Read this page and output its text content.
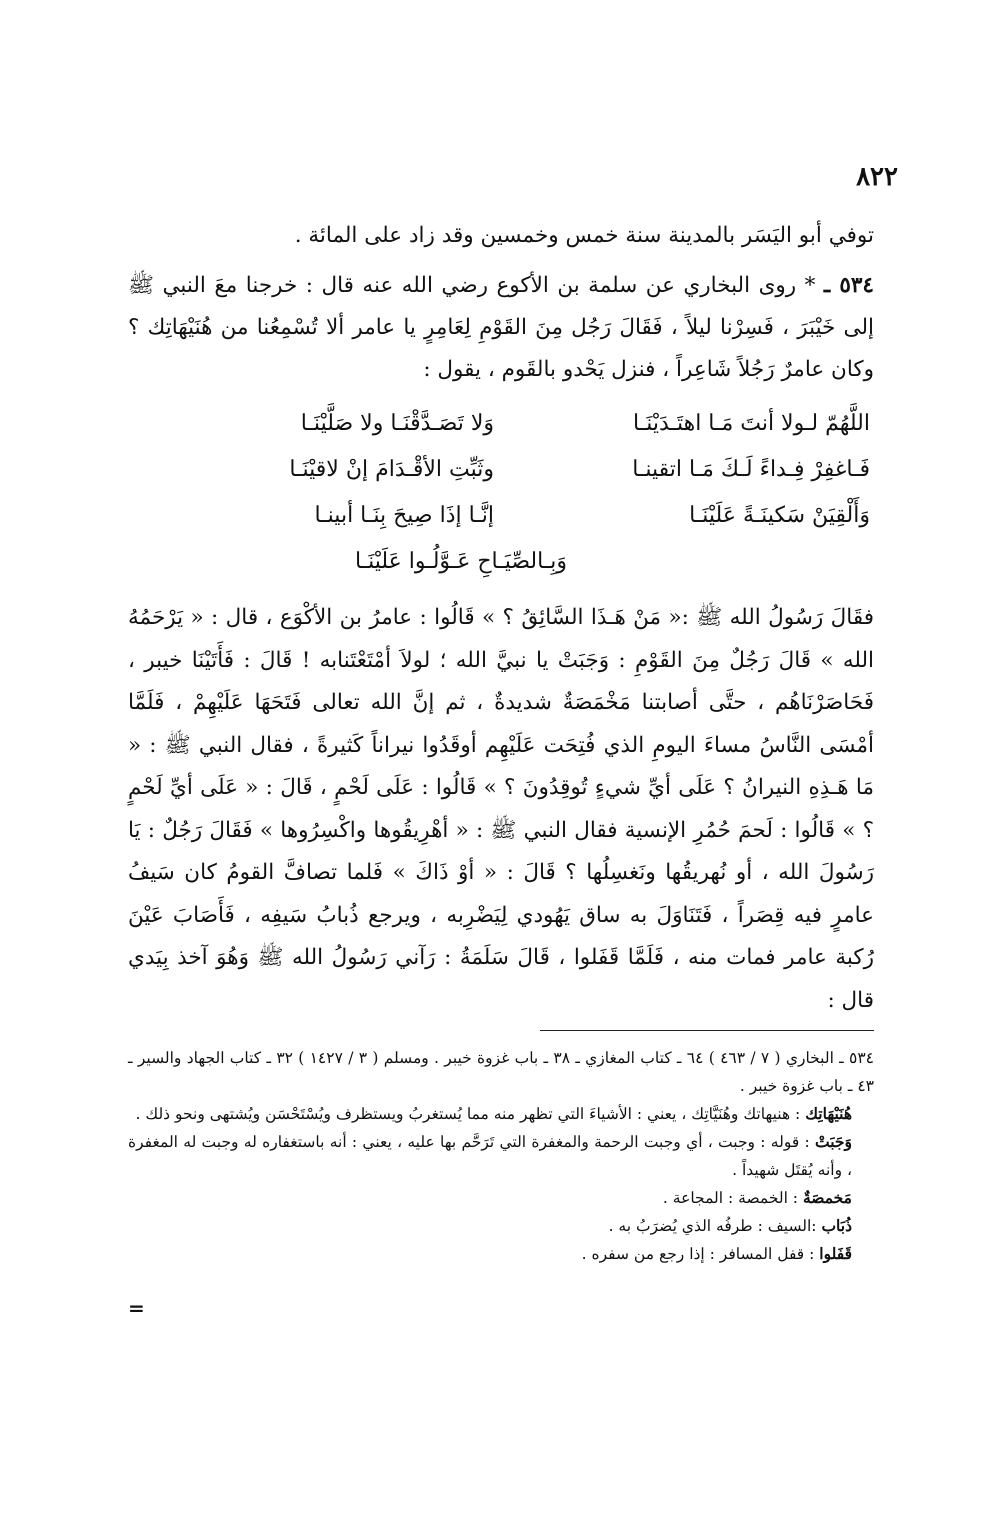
٨٢٢

توفي أبو اليَسَر بالمدينة سنة خمس وخمسين وقد زاد على المائة .

٥٣٤ ـ * روى البخاري عن سلمة بن الأكوع رضي الله عنه قال : خرجنا معَ النبي ﷺ إلى خَيْبَرَ ، فَسِرْنا ليلاً ، فَقَالَ رَجُل مِنَ القَوْمِ لِعَامِرٍ يا عامر ألا تُسْمِعُنا من هُنَيْهَاتِك ؟ وكان عامرٌ رَجُلاً شَاعِراً ، فنزل يَحْدو بالقَوم ، يقول :

اللَّهُمّ لـولا أنتَ مَـا اهتَـدَيْنَـا
وَلا تَصَـدَّقْنَـا ولا صَلَّيْنَـا
فَـاغفِرْ فِـداءً لَـكَ مَـا اتقينـا
وثَبِّتِ الأقْـدَامَ إنْ لاقيْنَـا
وَأَلْقِيَنْ سَكينَـةً عَلَيْنَـا
إنَّـا إذَا صِيحَ بِنَـا أبينـا
وَبِـالصِّيَـاحِ عَـوَّلُـوا عَلَيْنَـا

فقَالَ رَسُولُ الله ﷺ :« مَنْ هَـذَا السَّائِقُ ؟ » قَالُوا : عامرُ بن الأكْوَع ، قال : « يَرْحَمُهُ الله » قَالَ رَجُلٌ مِنَ القَوْمِ : وَجَبَتْ يا نبيَّ الله ؛ لولاَ أمْتَعْتَنابه ! قَالَ : فَأَتَيْنَا خيبر ، فَحَاصَرْنَاهُم ، حتَّى أصابتنا مَخْمَصَةٌ شديدةٌ ، ثم إنَّ الله تعالى فَتَحَهَا عَلَيْهِمْ ، فَلَمَّا أمْسَى النَّاسُ مساءَ اليومِ الذي فُتِحَت عَلَيْهِم أوقَدُوا نيراناً كَثيرةً ، فقال النبي ﷺ : « مَا هَـذِهِ النيرانُ ؟ عَلَى أيِّ شيءٍ تُوقِدُونَ ؟ » قَالُوا : عَلَى لَحْمٍ ، قَالَ : « عَلَى أيِّ لَحْمٍ ؟ » قَالُوا : لَحمَ حُمُرِ الإنسية فقال النبي ﷺ : « أهْرِيقُوها واكْسِرُوها » فَقَالَ رَجُلٌ : يَا رَسُولَ الله ، أو نُهريقُها ونَغسِلُها ؟ قَالَ : « أوْ ذَاكَ » فَلما تصافَّ القومُ كان سَيفُ عامرٍ فيه قِصَراً ، فَتَنَاوَلَ به ساق يَهُودي لِيَضْرِبه ، ويرجع ذُبابُ سَيفِه ، فَأَصَابَ عَيْنَ رُكبة عامر فمات منه ، فَلَمَّا قَفَلوا ، قَالَ سَلَمَةُ : رَآني رَسُولُ الله ﷺ وَهُوَ آخذ بِيَدي قال :

٥٣٤ ـ البخاري ( ٧ / ٤٦٣ ) ٦٤ ـ كتاب المغازي ـ ٣٨ ـ باب غزوة خيبر . ومسلم ( ٣ / ١٤٢٧ ) ٣٢ ـ كتاب الجهاد والسير ـ ٤٣ ـ باب غزوة خيبر .

هُنَيْهَاتِك : هنيهاتك وهُنَيَّاتِك ، يعني : الأشياءَ التي تظهر منه مما يُستغربُ ويستظرف ويُسْتَحْسَن ويُشتهى ونحو ذلك .

وَجَبَتْ : قوله : وجبت ، أي وجبت الرحمة والمغفرة التي تَرَحَّم بها عليه ، يعني : أنه باستغفاره له وجبت له المغفرة ، وأنه يُقتَل شهيداً .

مَخمصَةٌ : الخمصة : المجاعة .

ذُبَاب :السيف : طرفُه الذي يُضرَبُ به .

قَفَلوا : قفل المسافر : إذا رجع من سفره .

=
